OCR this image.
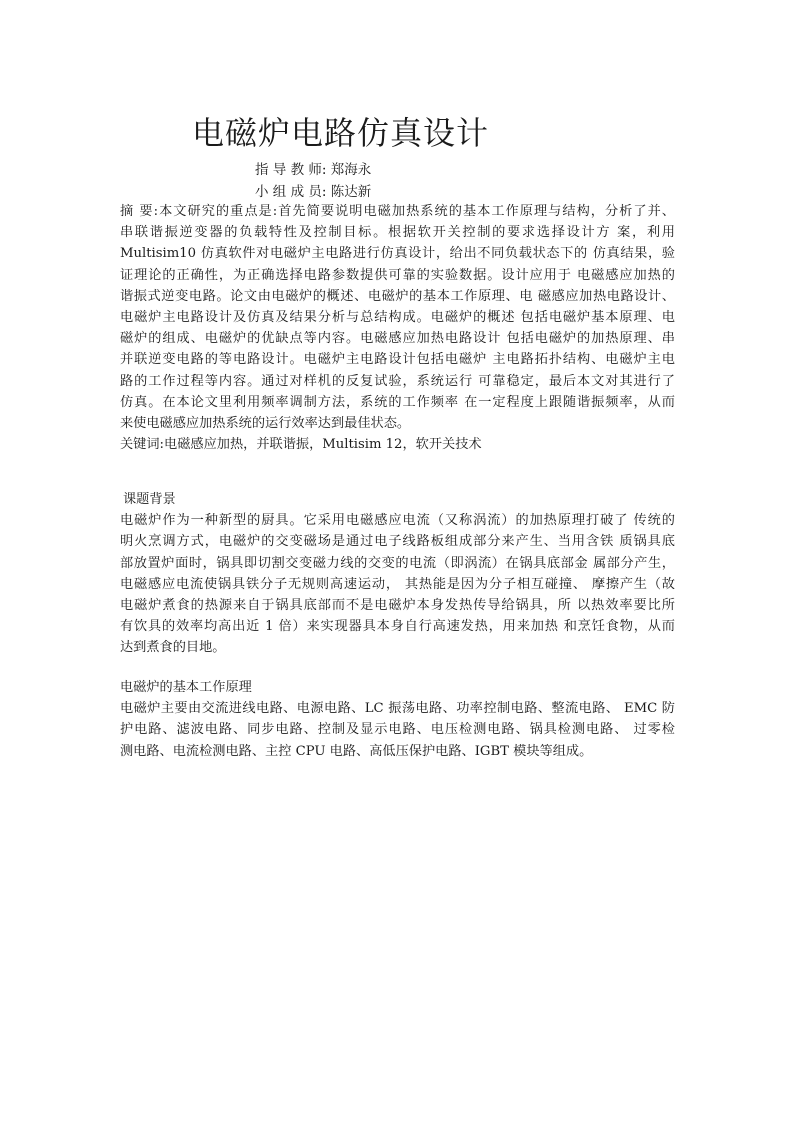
电磁炉电路仿真设计
指 导 教 师: 郑海永
小 组 成 员: 陈达新
摘 要:本文研究的重点是:首先简要说明电磁加热系统的基本工作原理与结构，分析了并、
串联谐振逆变器的负载特性及控制目标。根据软开关控制的要求选择设计方 案，利用
Multisim10 仿真软件对电磁炉主电路进行仿真设计，给出不同负载状态下的 仿真结果，验
证理论的正确性，为正确选择电路参数提供可靠的实验数据。设计应用于 电磁感应加热的
谐振式逆变电路。论文由电磁炉的概述、电磁炉的基本工作原理、电 磁感应加热电路设计、
电磁炉主电路设计及仿真及结果分析与总结构成。电磁炉的概述 包括电磁炉基本原理、电
磁炉的组成、电磁炉的优缺点等内容。电磁感应加热电路设计 包括电磁炉的加热原理、串
并联逆变电路的等电路设计。电磁炉主电路设计包括电磁炉 主电路拓扑结构、电磁炉主电
路的工作过程等内容。通过对样机的反复试验，系统运行 可靠稳定，最后本文对其进行了
仿真。在本论文里利用频率调制方法，系统的工作频率 在一定程度上跟随谐振频率，从而
来使电磁感应加热系统的运行效率达到最佳状态。
关键词:电磁感应加热，并联谐振，Multisim 12，软开关技术
课题背景
电磁炉作为一种新型的厨具。它采用电磁感应电流（又称涡流）的加热原理打破了 传统的
明火烹调方式，电磁炉的交变磁场是通过电子线路板组成部分来产生、当用含铁 质锅具底
部放置炉面时，锅具即切割交变磁力线的交变的电流（即涡流）在锅具底部金 属部分产生，
电磁感应电流使锅具铁分子无规则高速运动， 其热能是因为分子相互碰撞、 摩擦产生（故
电磁炉煮食的热源来自于锅具底部而不是电磁炉本身发热传导给锅具，所 以热效率要比所
有饮具的效率均高出近 1 倍）来实现器具本身自行高速发热，用来加热 和烹饪食物，从而
达到煮食的目地。
电磁炉的基本工作原理
电磁炉主要由交流进线电路、电源电路、LC 振荡电路、功率控制电路、整流电路、 EMC 防
护电路、滤波电路、同步电路、控制及显示电路、电压检测电路、锅具检测电路、 过零检
测电路、电流检测电路、主控 CPU 电路、高低压保护电路、IGBT 模块等组成。
